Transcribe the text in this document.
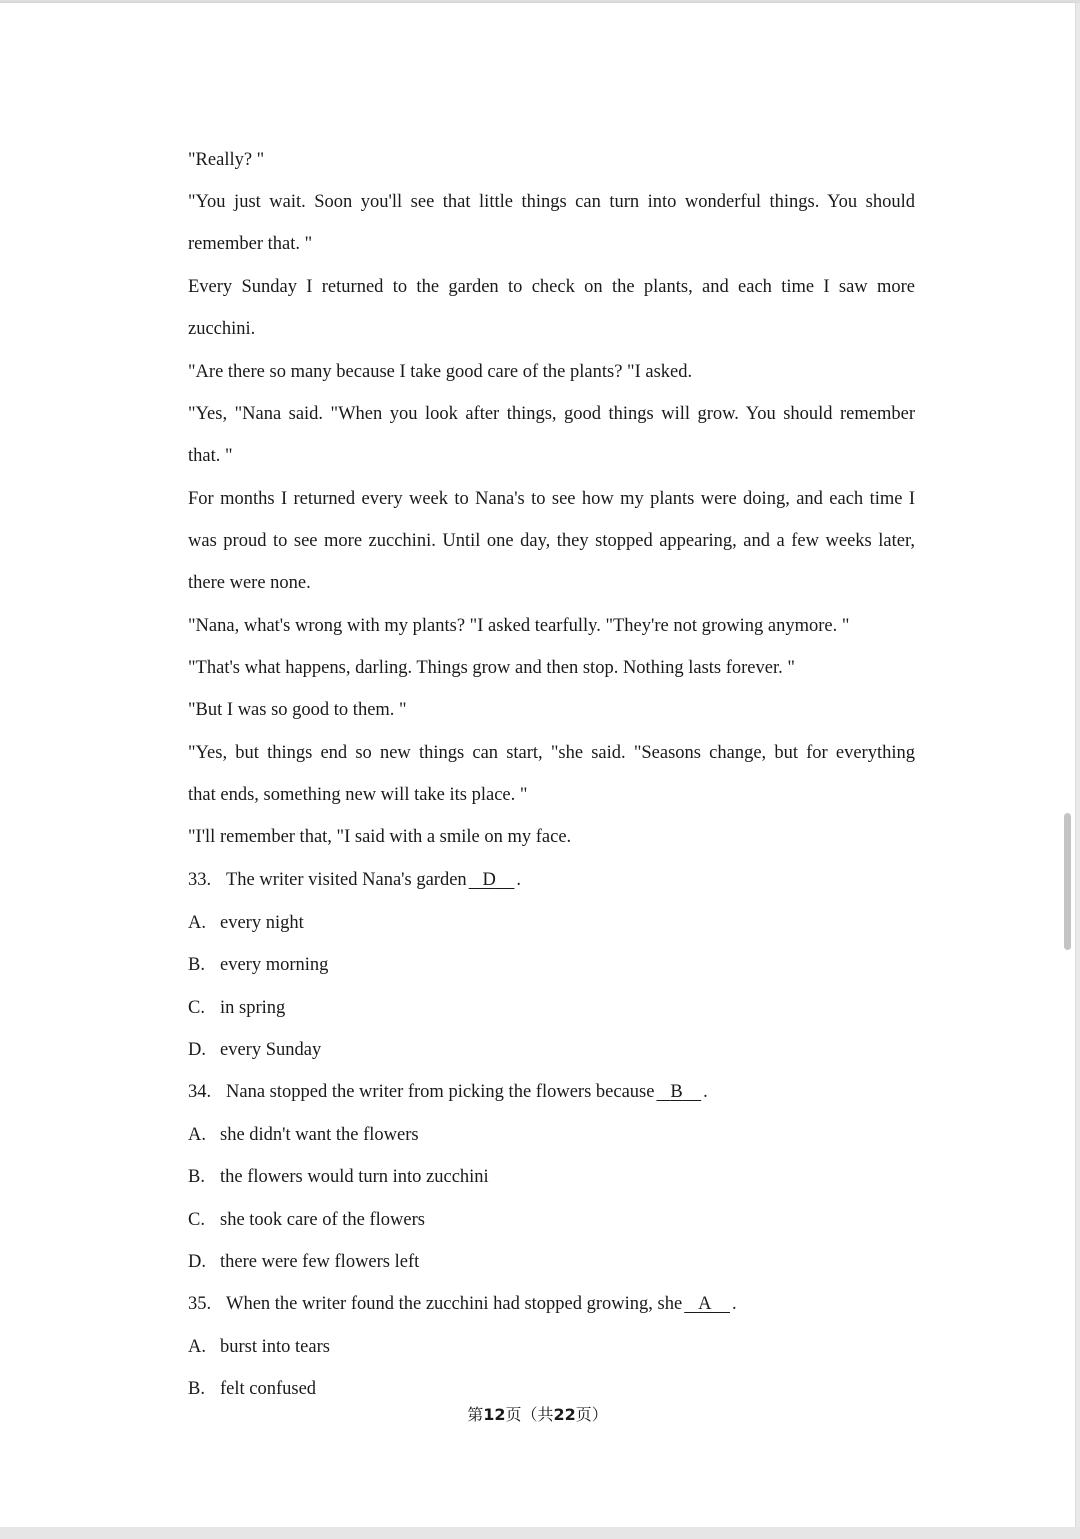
"Really? "
"You just wait. Soon you'll see that little things can turn into wonderful things. You should
remember that. "
Every Sunday I returned to the garden to check on the plants, and each time I saw more
zucchini.
"Are there so many because I take good care of the plants? "I asked.
"Yes, "Nana said. "When you look after things, good things will grow. You should remember
that. "
For months I returned every week to Nana's to see how my plants were doing, and each time I
was proud to see more zucchini. Until one day, they stopped appearing, and a few weeks later,
there were none.
"Nana, what's wrong with my plants? "I asked tearfully. "They're not growing anymore. "
"That's what happens, darling. Things grow and then stop. Nothing lasts forever. "
"But I was so good to them. "
"Yes, but things end so new things can start, "she said. "Seasons change, but for everything
that ends, something new will take its place. "
"I'll remember that, "I said with a smile on my face.
33. The writer visited Nana's garden D .
A. every night
B. every morning
C. in spring
D. every Sunday
34. Nana stopped the writer from picking the flowers because B .
A. she didn't want the flowers
B. the flowers would turn into zucchini
C. she took care of the flowers
D. there were few flowers left
35. When the writer found the zucchini had stopped growing, she A .
A. burst into tears
B. felt confused
第12页（共22页）
